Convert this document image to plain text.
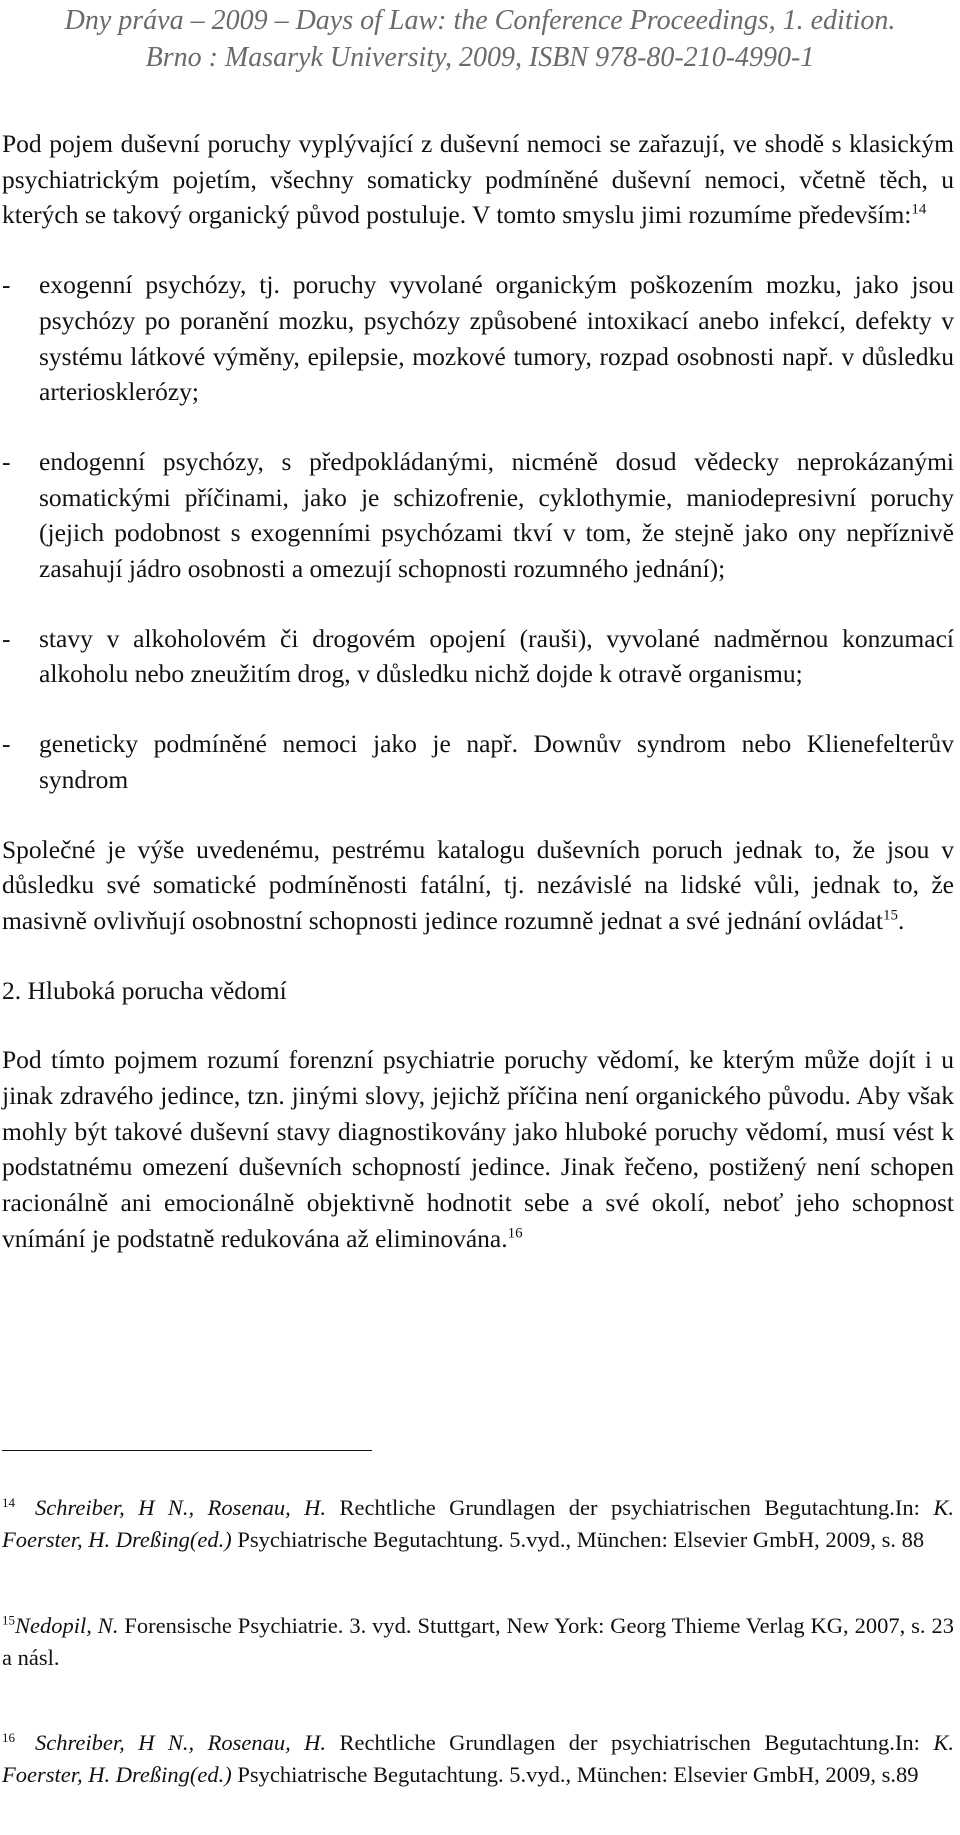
Dny práva – 2009 – Days of Law: the Conference Proceedings, 1. edition.
Brno : Masaryk University, 2009, ISBN 978-80-210-4990-1

Pod pojem duševní poruchy vyplývající z duševní nemoci se zařazují, ve shodě s klasickým psychiatrickým pojetím, všechny somaticky podmíněné duševní nemoci, včetně těch, u kterých se takový organický původ postuluje. V tomto smyslu jimi rozumíme především:$^{14}$

-	exogenní psychózy, tj. poruchy vyvolané organickým poškozením mozku, jako jsou psychózy po poranění mozku, psychózy způsobené intoxikací anebo infekcí, defekty v systému látkové výměny, epilepsie, mozkové tumory, rozpad osobnosti např. v důsledku arteriosklerózy;
-	endogenní psychózy, s předpokládanými, nicméně dosud vědecky neprokázanými somatickými příčinami, jako je schizofrenie, cyklothymie, maniodepresivní poruchy (jejich podobnost s exogenními psychózami tkví v tom, že stejně jako ony nepříznivě zasahují jádro osobnosti a omezují schopnosti rozumného jednání);
-	stavy v alkoholovém či drogovém opojení (rauši), vyvolané nadměrnou konzumací alkoholu nebo zneužitím drog, v důsledku nichž dojde k otravě organismu;
-	geneticky podmíněné nemoci jako je např. Downův syndrom nebo Klienefelterův syndrom

Společné je výše uvedenému, pestrému katalogu duševních poruch jednak to, že jsou v důsledku své somatické podmíněnosti fatální, tj. nezávislé na lidské vůli, jednak to, že masivně ovlivňují osobnostní schopnosti jedince rozumně jednat a své jednání ovládat$^{15}$.

2. Hluboká porucha vědomí

Pod tímto pojmem rozumí forenzní psychiatrie poruchy vědomí, ke kterým může dojít i u jinak zdravého jedince, tzn. jinými slovy, jejichž příčina není organického původu. Aby však mohly být takové duševní stavy diagnostikovány jako hluboké poruchy vědomí, musí vést k podstatnému omezení duševních schopností jedince. Jinak řečeno, postižený není schopen racionálně ani emocionálně objektivně hodnotit sebe a své okolí, neboť jeho schopnost vnímání je podstatně redukována až eliminována.$^{16}$

$^{14}$ Schreiber, H N., Rosenau, H. Rechtliche Grundlagen der psychiatrischen Begutachtung.In: K. Foerster, H. Dreßing(ed.) Psychiatrische Begutachtung. 5.vyd., München: Elsevier GmbH, 2009, s. 88

$^{15}$Nedopil, N. Forensische Psychiatrie. 3. vyd. Stuttgart, New York: Georg Thieme Verlag KG, 2007, s. 23 a násl.

$^{16}$ Schreiber, H N., Rosenau, H. Rechtliche Grundlagen der psychiatrischen Begutachtung.In: K. Foerster, H. Dreßing(ed.) Psychiatrische Begutachtung. 5.vyd., München: Elsevier GmbH, 2009, s.89
